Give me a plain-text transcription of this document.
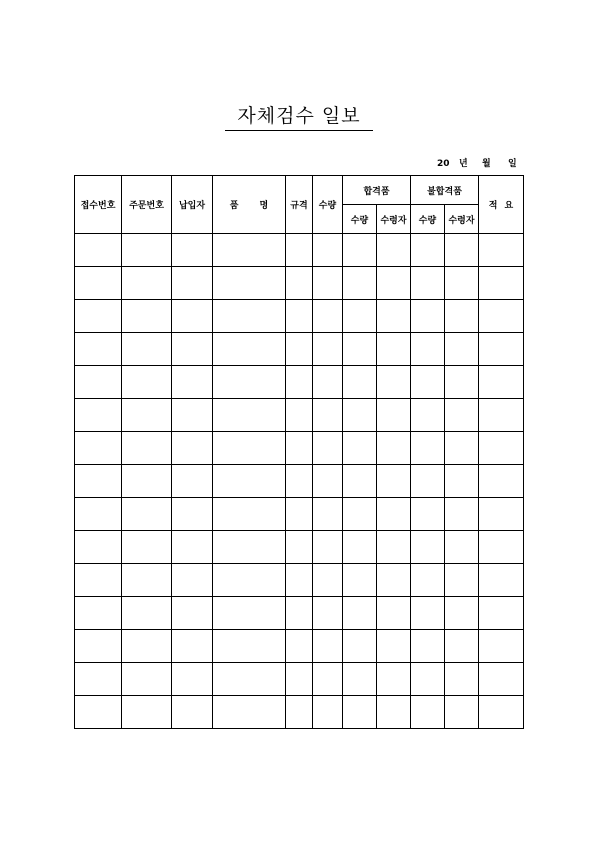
자체검수 일보
20 년 월 일
접수번호	주문번호	납입자	품 명	규격	수량	합격품		불합격품		적 요
						수량	수령자	수량	수령자	
